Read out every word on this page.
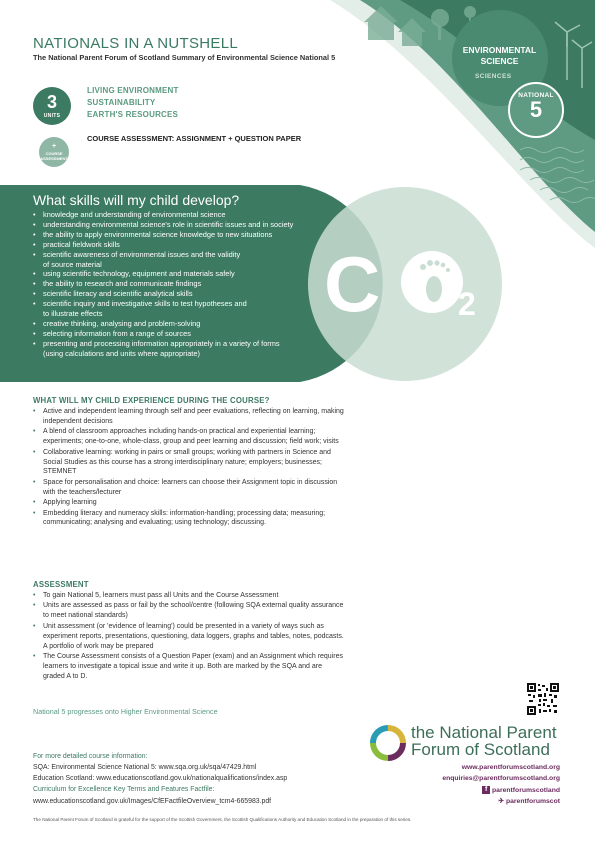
NATIONALS IN A NUTSHELL
The National Parent Forum of Scotland Summary of Environmental Science National 5
3
UNITS
+
COURSE
ASSESSMENT
LIVING ENVIRONMENT
SUSTAINABILITY
EARTH'S RESOURCES
COURSE ASSESSMENT: ASSIGNMENT + QUESTION PAPER
ENVIRONMENTAL
SCIENCE
SCIENCES
NATIONAL
5
C 2
What skills will my child develop?
• knowledge and understanding of environmental science
• understanding environmental science's role in scientific issues and in society
• the ability to apply environmental science knowledge to new situations
• practical fieldwork skills
• scientific awareness of environmental issues and the validity
of source material
• using scientific technology, equipment and materials safely
• the ability to research and communicate findings
• scientific literacy and scientific analytical skills
• scientific inquiry and investigative skills to test hypotheses and
to illustrate effects
• creative thinking, analysing and problem-solving
• selecting information from a range of sources
• presenting and processing information appropriately in a variety of forms
(using calculations and units where appropriate)
WHAT WILL MY CHILD EXPERIENCE DURING THE COURSE?
• Active and independent learning through self and peer evaluations, reflecting on learning, making independent decisions
• A blend of classroom approaches including hands-on practical and experiential learning; experiments; one-to-one, whole-class, group and peer learning and discussion; field work; visits
• Collaborative learning: working in pairs or small groups; working with partners in Science and Social Studies as this course has a strong interdisciplinary nature; employers; businesses; STEMNET
• Space for personalisation and choice: learners can choose their Assignment topic in discussion with the teachers/lecturer
• Applying learning
• Embedding literacy and numeracy skills: information-handling; processing data; measuring; communicating; analysing and evaluating; using technology; discussing.
ASSESSMENT
• To gain National 5, learners must pass all Units and the Course Assessment
• Units are assessed as pass or fail by the school/centre (following SQA external quality assurance to meet national standards)
• Unit assessment (or 'evidence of learning') could be presented in a variety of ways such as experiment reports, presentations, questioning, data loggers, graphs and tables, notes, podcasts. A portfolio of work may be prepared
• The Course Assessment consists of a Question Paper (exam) and an Assignment which requires learners to investigate a topical issue and write it up. Both are marked by the SQA and are graded A to D.
National 5 progresses onto Higher Environmental Science
For more detailed course information:
SQA: Environmental Science National 5: www.sqa.org.uk/sqa/47429.html
Education Scotland: www.educationscotland.gov.uk/nationalqualifications/index.asp
Curriculum for Excellence Key Terms and Features Factfile:
www.educationscotland.gov.uk/Images/CfEFactfileOverview_tcm4-665983.pdf
The National Parent Forum of Scotland is grateful for the support of the Scottish Government, the Scottish Qualifications Authority and Education Scotland in the preparation of this series.
the National Parent
Forum of Scotland
www.parentforumscotland.org
enquiries@parentforumscotland.org
f parentforumscotland
✈ parentforumscot
